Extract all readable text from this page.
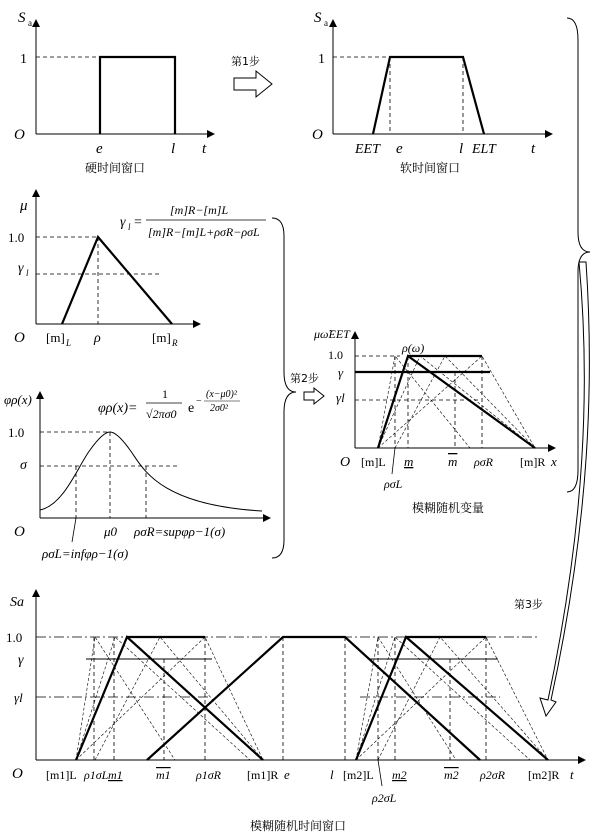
S a
1
O
e	l t
硬时间窗口
第1步
S a
1
O
EET e	l ELT t
软时间窗口
μ
1.0
γ l
O [m] L ρ	[m] R
γ l =
[m]R−[m]L
[m]R−[m]L+ρσR−ρσL
φρ(x)
1.0
σ
O	μ0 ρσR=supφρ−1(σ)
ρσL=infφρ−1(σ)
φρ(x)=
1
√2πσ0 e −
(x−μ0)²
2σ0²
第2步
μω̃EET
1.0
γ
γl
ρ(ω)
O [m]L m	m ρσR [m]R x
ρσL
模糊随机变量
第3步
Sa
1.0
γ
γl
O [m1]L ρ1σL m1	m1 ρ1σR [m1]R e	l [m2]L m2	m2 ρ2σR [m2]R t
ρ2σL
模糊随机时间窗口
